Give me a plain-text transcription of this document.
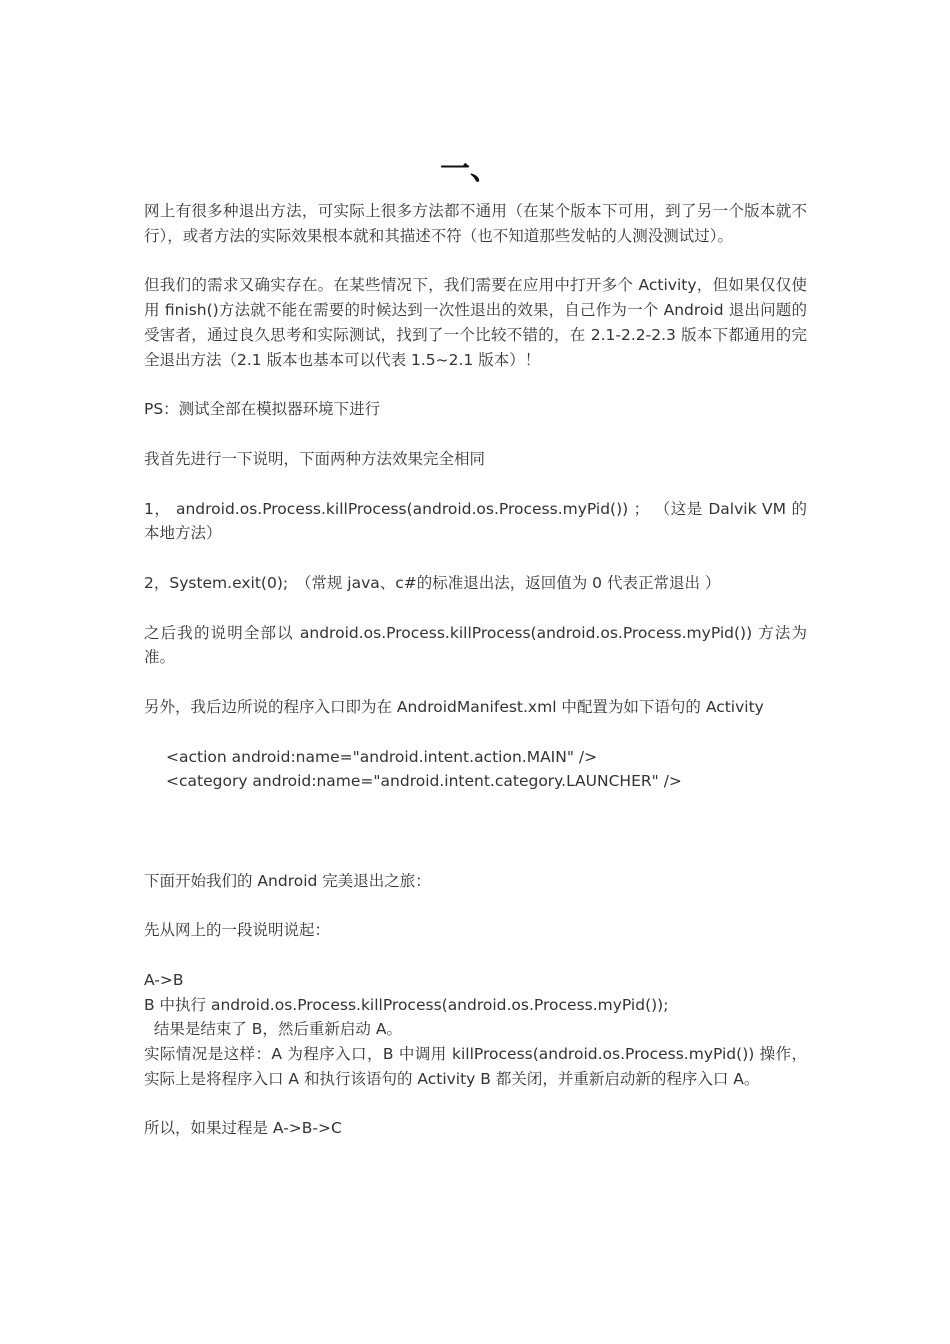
一、

网上有很多种退出方法，可实际上很多方法都不通用（在某个版本下可用，到了另一个版本就不行），或者方法的实际效果根本就和其描述不符（也不知道那些发帖的人测没测试过）。

但我们的需求又确实存在。在某些情况下，我们需要在应用中打开多个 Activity，但如果仅仅使用 finish()方法就不能在需要的时候达到一次性退出的效果，自己作为一个 Android 退出问题的受害者，通过良久思考和实际测试，找到了一个比较不错的，在 2.1-2.2-2.3 版本下都通用的完全退出方法（2.1 版本也基本可以代表 1.5~2.1 版本）！

PS：测试全部在模拟器环境下进行

我首先进行一下说明，下面两种方法效果完全相同

1， android.os.Process.killProcess(android.os.Process.myPid()) ； （这是 Dalvik VM 的本地方法）

2，System.exit(0);　（常规 java、c#的标准退出法，返回值为 0 代表正常退出 ）

之后我的说明全部以 android.os.Process.killProcess(android.os.Process.myPid()) 方法为准。

另外，我后边所说的程序入口即为在 AndroidManifest.xml 中配置为如下语句的 Activity

<action android:name="android.intent.action.MAIN" />

<category android:name="android.intent.category.LAUNCHER" />

下面开始我们的 Android 完美退出之旅：

先从网上的一段说明说起：

A->B

B 中执行 android.os.Process.killProcess(android.os.Process.myPid());

结果是结束了 B，然后重新启动 A。

实际情况是这样：A 为程序入口，B 中调用 killProcess(android.os.Process.myPid()) 操作，实际上是将程序入口 A 和执行该语句的 Activity B 都关闭，并重新启动新的程序入口 A。

所以，如果过程是 A->B->C
